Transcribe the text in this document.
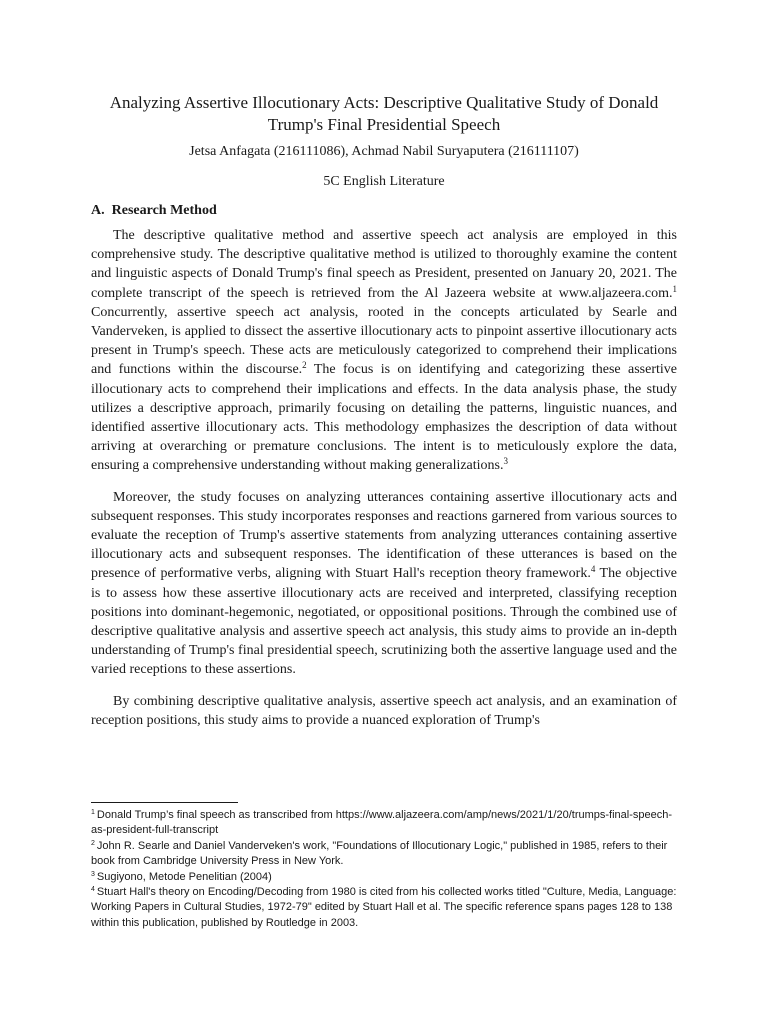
Analyzing Assertive Illocutionary Acts: Descriptive Qualitative Study of Donald Trump's Final Presidential Speech

Jetsa Anfagata (216111086), Achmad Nabil Suryaputera (216111107)

5C English Literature

A. Research Method

The descriptive qualitative method and assertive speech act analysis are employed in this comprehensive study. The descriptive qualitative method is utilized to thoroughly examine the content and linguistic aspects of Donald Trump's final speech as President, presented on January 20, 2021. The complete transcript of the speech is retrieved from the Al Jazeera website at www.aljazeera.com.$^1$ Concurrently, assertive speech act analysis, rooted in the concepts articulated by Searle and Vanderveken, is applied to dissect the assertive illocutionary acts to pinpoint assertive illocutionary acts present in Trump's speech. These acts are meticulously categorized to comprehend their implications and functions within the discourse.$^2$ The focus is on identifying and categorizing these assertive illocutionary acts to comprehend their implications and effects. In the data analysis phase, the study utilizes a descriptive approach, primarily focusing on detailing the patterns, linguistic nuances, and identified assertive illocutionary acts. This methodology emphasizes the description of data without arriving at overarching or premature conclusions. The intent is to meticulously explore the data, ensuring a comprehensive understanding without making generalizations.$^3$

Moreover, the study focuses on analyzing utterances containing assertive illocutionary acts and subsequent responses. This study incorporates responses and reactions garnered from various sources to evaluate the reception of Trump's assertive statements from analyzing utterances containing assertive illocutionary acts and subsequent responses. The identification of these utterances is based on the presence of performative verbs, aligning with Stuart Hall's reception theory framework.$^4$ The objective is to assess how these assertive illocutionary acts are received and interpreted, classifying reception positions into dominant-hegemonic, negotiated, or oppositional positions. Through the combined use of descriptive qualitative analysis and assertive speech act analysis, this study aims to provide an in-depth understanding of Trump's final presidential speech, scrutinizing both the assertive language used and the varied receptions to these assertions.

By combining descriptive qualitative analysis, assertive speech act analysis, and an examination of reception positions, this study aims to provide a nuanced exploration of Trump's

$^1$ Donald Trump’s final speech as transcribed from https://www.aljazeera.com/amp/news/2021/1/20/trumps-final-speech-as-president-full-transcript

$^2$ John R. Searle and Daniel Vanderveken's work, "Foundations of Illocutionary Logic," published in 1985, refers to their book from Cambridge University Press in New York.

$^3$ Sugiyono, Metode Penelitian (2004)

$^4$ Stuart Hall's theory on Encoding/Decoding from 1980 is cited from his collected works titled "Culture, Media, Language: Working Papers in Cultural Studies, 1972-79" edited by Stuart Hall et al. The specific reference spans pages 128 to 138 within this publication, published by Routledge in 2003.
